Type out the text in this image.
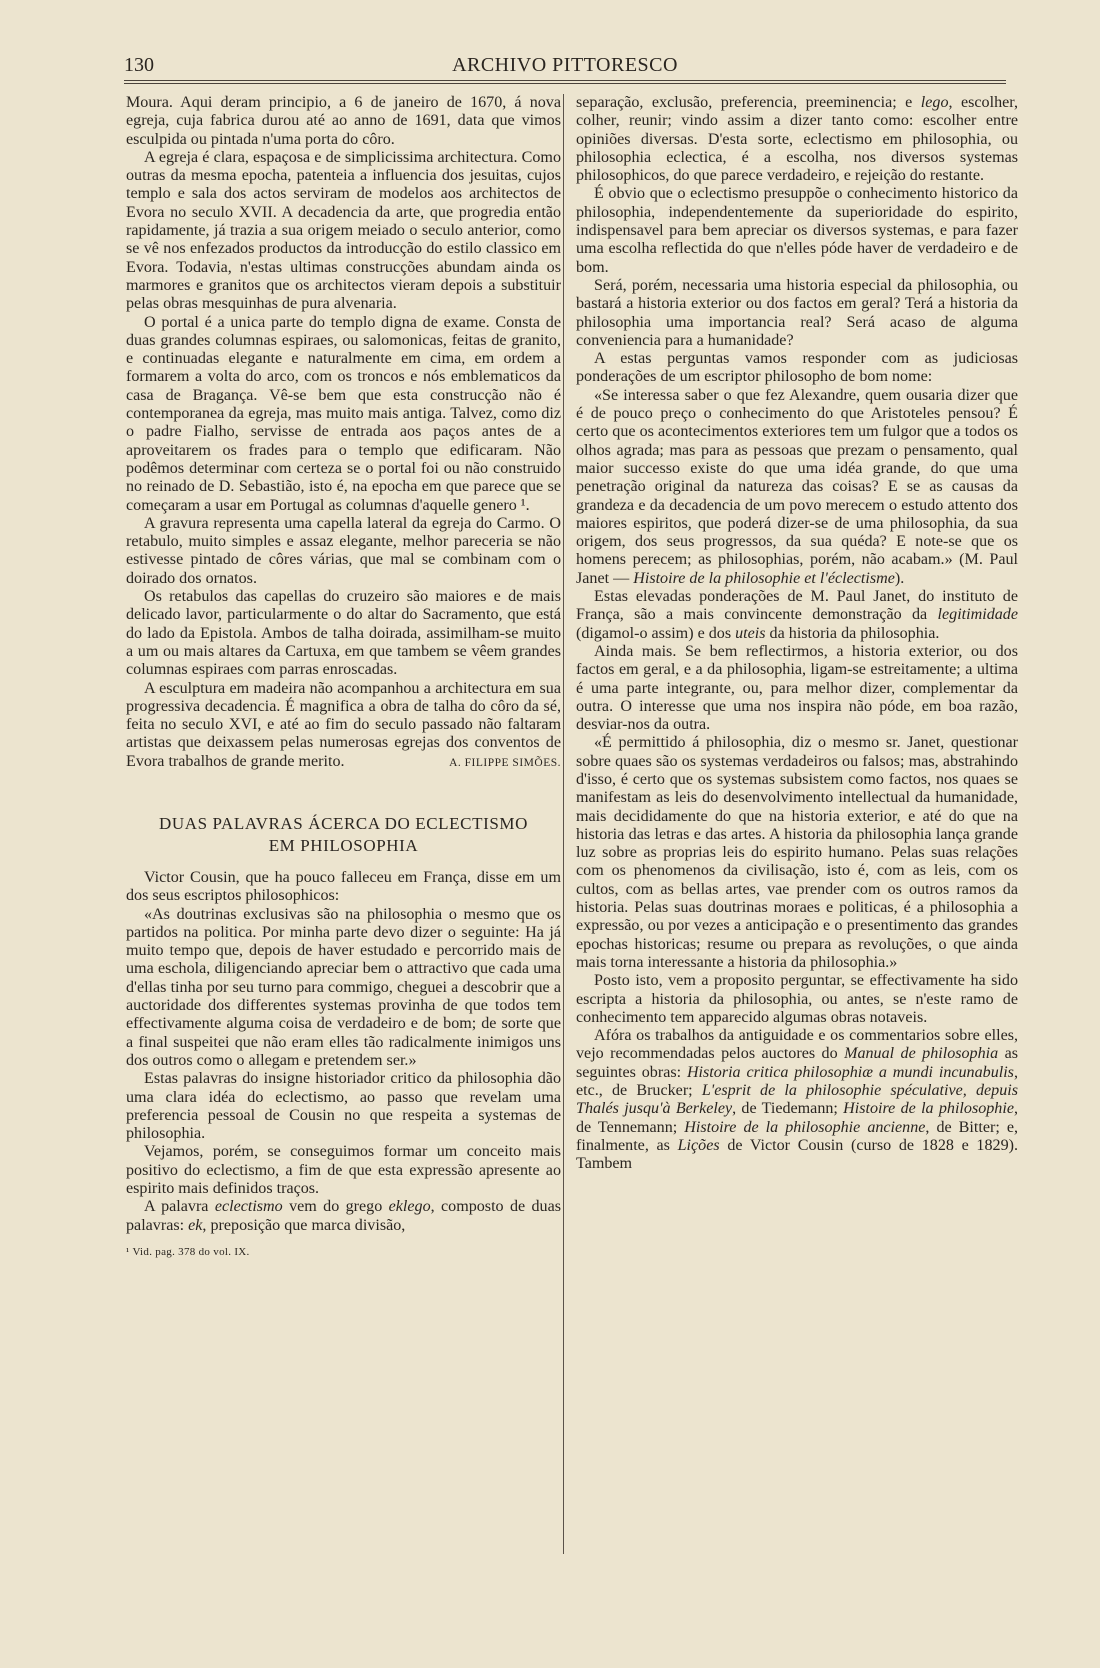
130	ARCHIVO PITTORESCO

Moura. Aqui deram principio, a 6 de janeiro de 1670, á nova egreja, cuja fabrica durou até ao anno de 1691, data que vimos esculpida ou pintada n'uma porta do côro.

A egreja é clara, espaçosa e de simplicissima architectura. Como outras da mesma epocha, patenteia a influencia dos jesuitas, cujos templo e sala dos actos serviram de modelos aos architectos de Evora no seculo XVII. A decadencia da arte, que progredia então rapidamente, já trazia a sua origem meiado o seculo anterior, como se vê nos enfezados productos da introducção do estilo classico em Evora. Todavia, n'estas ultimas construcções abundam ainda os marmores e granitos que os architectos vieram depois a substituir pelas obras mesquinhas de pura alvenaria.

O portal é a unica parte do templo digna de exame. Consta de duas grandes columnas espiraes, ou salomonicas, feitas de granito, e continuadas elegante e naturalmente em cima, em ordem a formarem a volta do arco, com os troncos e nós emblematicos da casa de Bragança. Vê-se bem que esta construcção não é contemporanea da egreja, mas muito mais antiga. Talvez, como diz o padre Fialho, servisse de entrada aos paços antes de a aproveitarem os frades para o templo que edificaram. Não podêmos determinar com certeza se o portal foi ou não construido no reinado de D. Sebastião, isto é, na epocha em que parece que se começaram a usar em Portugal as columnas d'aquelle genero ¹.

A gravura representa uma capella lateral da egreja do Carmo. O retabulo, muito simples e assaz elegante, melhor pareceria se não estivesse pintado de côres várias, que mal se combinam com o doirado dos ornatos.

Os retabulos das capellas do cruzeiro são maiores e de mais delicado lavor, particularmente o do altar do Sacramento, que está do lado da Epistola. Ambos de talha doirada, assimilham-se muito a um ou mais altares da Cartuxa, em que tambem se vêem grandes columnas espiraes com parras enroscadas.

A esculptura em madeira não acompanhou a architectura em sua progressiva decadencia. É magnifica a obra de talha do côro da sé, feita no seculo XVI, e até ao fim do seculo passado não faltaram artistas que deixassem pelas numerosas egrejas dos conventos de Evora trabalhos de grande merito.	A. FILIPPE SIMÕES.

DUAS PALAVRAS ÁCERCA DO ECLECTISMO
EM PHILOSOPHIA

Victor Cousin, que ha pouco falleceu em França, disse em um dos seus escriptos philosophicos:

«As doutrinas exclusivas são na philosophia o mesmo que os partidos na politica. Por minha parte devo dizer o seguinte: Ha já muito tempo que, depois de haver estudado e percorrido mais de uma eschola, diligenciando apreciar bem o attractivo que cada uma d'ellas tinha por seu turno para commigo, cheguei a descobrir que a auctoridade dos differentes systemas provinha de que todos tem effectivamente alguma coisa de verdadeiro e de bom; de sorte que a final suspeitei que não eram elles tão radicalmente inimigos uns dos outros como o allegam e pretendem ser.»

Estas palavras do insigne historiador critico da philosophia dão uma clara idéa do eclectismo, ao passo que revelam uma preferencia pessoal de Cousin no que respeita a systemas de philosophia.

Vejamos, porém, se conseguimos formar um conceito mais positivo do eclectismo, a fim de que esta expressão apresente ao espirito mais definidos traços.

A palavra eclectismo vem do grego eklego, composto de duas palavras: ek, preposição que marca divisão,

¹ Vid. pag. 378 do vol. IX.

separação, exclusão, preferencia, preeminencia; e lego, escolher, colher, reunir; vindo assim a dizer tanto como: escolher entre opiniões diversas. D'esta sorte, eclectismo em philosophia, ou philosophia eclectica, é a escolha, nos diversos systemas philosophicos, do que parece verdadeiro, e rejeição do restante.

É obvio que o eclectismo presuppõe o conhecimento historico da philosophia, independentemente da superioridade do espirito, indispensavel para bem apreciar os diversos systemas, e para fazer uma escolha reflectida do que n'elles póde haver de verdadeiro e de bom.

Será, porém, necessaria uma historia especial da philosophia, ou bastará a historia exterior ou dos factos em geral? Terá a historia da philosophia uma importancia real? Será acaso de alguma conveniencia para a humanidade?

A estas perguntas vamos responder com as judiciosas ponderações de um escriptor philosopho de bom nome:

«Se interessa saber o que fez Alexandre, quem ousaria dizer que é de pouco preço o conhecimento do que Aristoteles pensou? É certo que os acontecimentos exteriores tem um fulgor que a todos os olhos agrada; mas para as pessoas que prezam o pensamento, qual maior successo existe do que uma idéa grande, do que uma penetração original da natureza das coisas? E se as causas da grandeza e da decadencia de um povo merecem o estudo attento dos maiores espiritos, que poderá dizer-se de uma philosophia, da sua origem, dos seus progressos, da sua quéda? E note-se que os homens perecem; as philosophias, porém, não acabam.» (M. Paul Janet — Histoire de la philosophie et l'éclectisme).

Estas elevadas ponderações de M. Paul Janet, do instituto de França, são a mais convincente demonstração da legitimidade (digamol-o assim) e dos uteis da historia da philosophia.

Ainda mais. Se bem reflectirmos, a historia exterior, ou dos factos em geral, e a da philosophia, ligam-se estreitamente; a ultima é uma parte integrante, ou, para melhor dizer, complementar da outra. O interesse que uma nos inspira não póde, em boa razão, desviar-nos da outra.

«É permittido á philosophia, diz o mesmo sr. Janet, questionar sobre quaes são os systemas verdadeiros ou falsos; mas, abstrahindo d'isso, é certo que os systemas subsistem como factos, nos quaes se manifestam as leis do desenvolvimento intellectual da humanidade, mais decididamente do que na historia exterior, e até do que na historia das letras e das artes. A historia da philosophia lança grande luz sobre as proprias leis do espirito humano. Pelas suas relações com os phenomenos da civilisação, isto é, com as leis, com os cultos, com as bellas artes, vae prender com os outros ramos da historia. Pelas suas doutrinas moraes e politicas, é a philosophia a expressão, ou por vezes a anticipação e o presentimento das grandes epochas historicas; resume ou prepara as revoluções, o que ainda mais torna interessante a historia da philosophia.»

Posto isto, vem a proposito perguntar, se effectivamente ha sido escripta a historia da philosophia, ou antes, se n'este ramo de conhecimento tem apparecido algumas obras notaveis.

Afóra os trabalhos da antiguidade e os commentarios sobre elles, vejo recommendadas pelos auctores do Manual de philosophia as seguintes obras: Historia critica philosophiæ a mundi incunabulis, etc., de Brucker; L'esprit de la philosophie spéculative, depuis Thalés jusqu'à Berkeley, de Tiedemann; Histoire de la philosophie, de Tennemann; Histoire de la philosophie ancienne, de Bitter; e, finalmente, as Lições de Victor Cousin (curso de 1828 e 1829). Tambem
